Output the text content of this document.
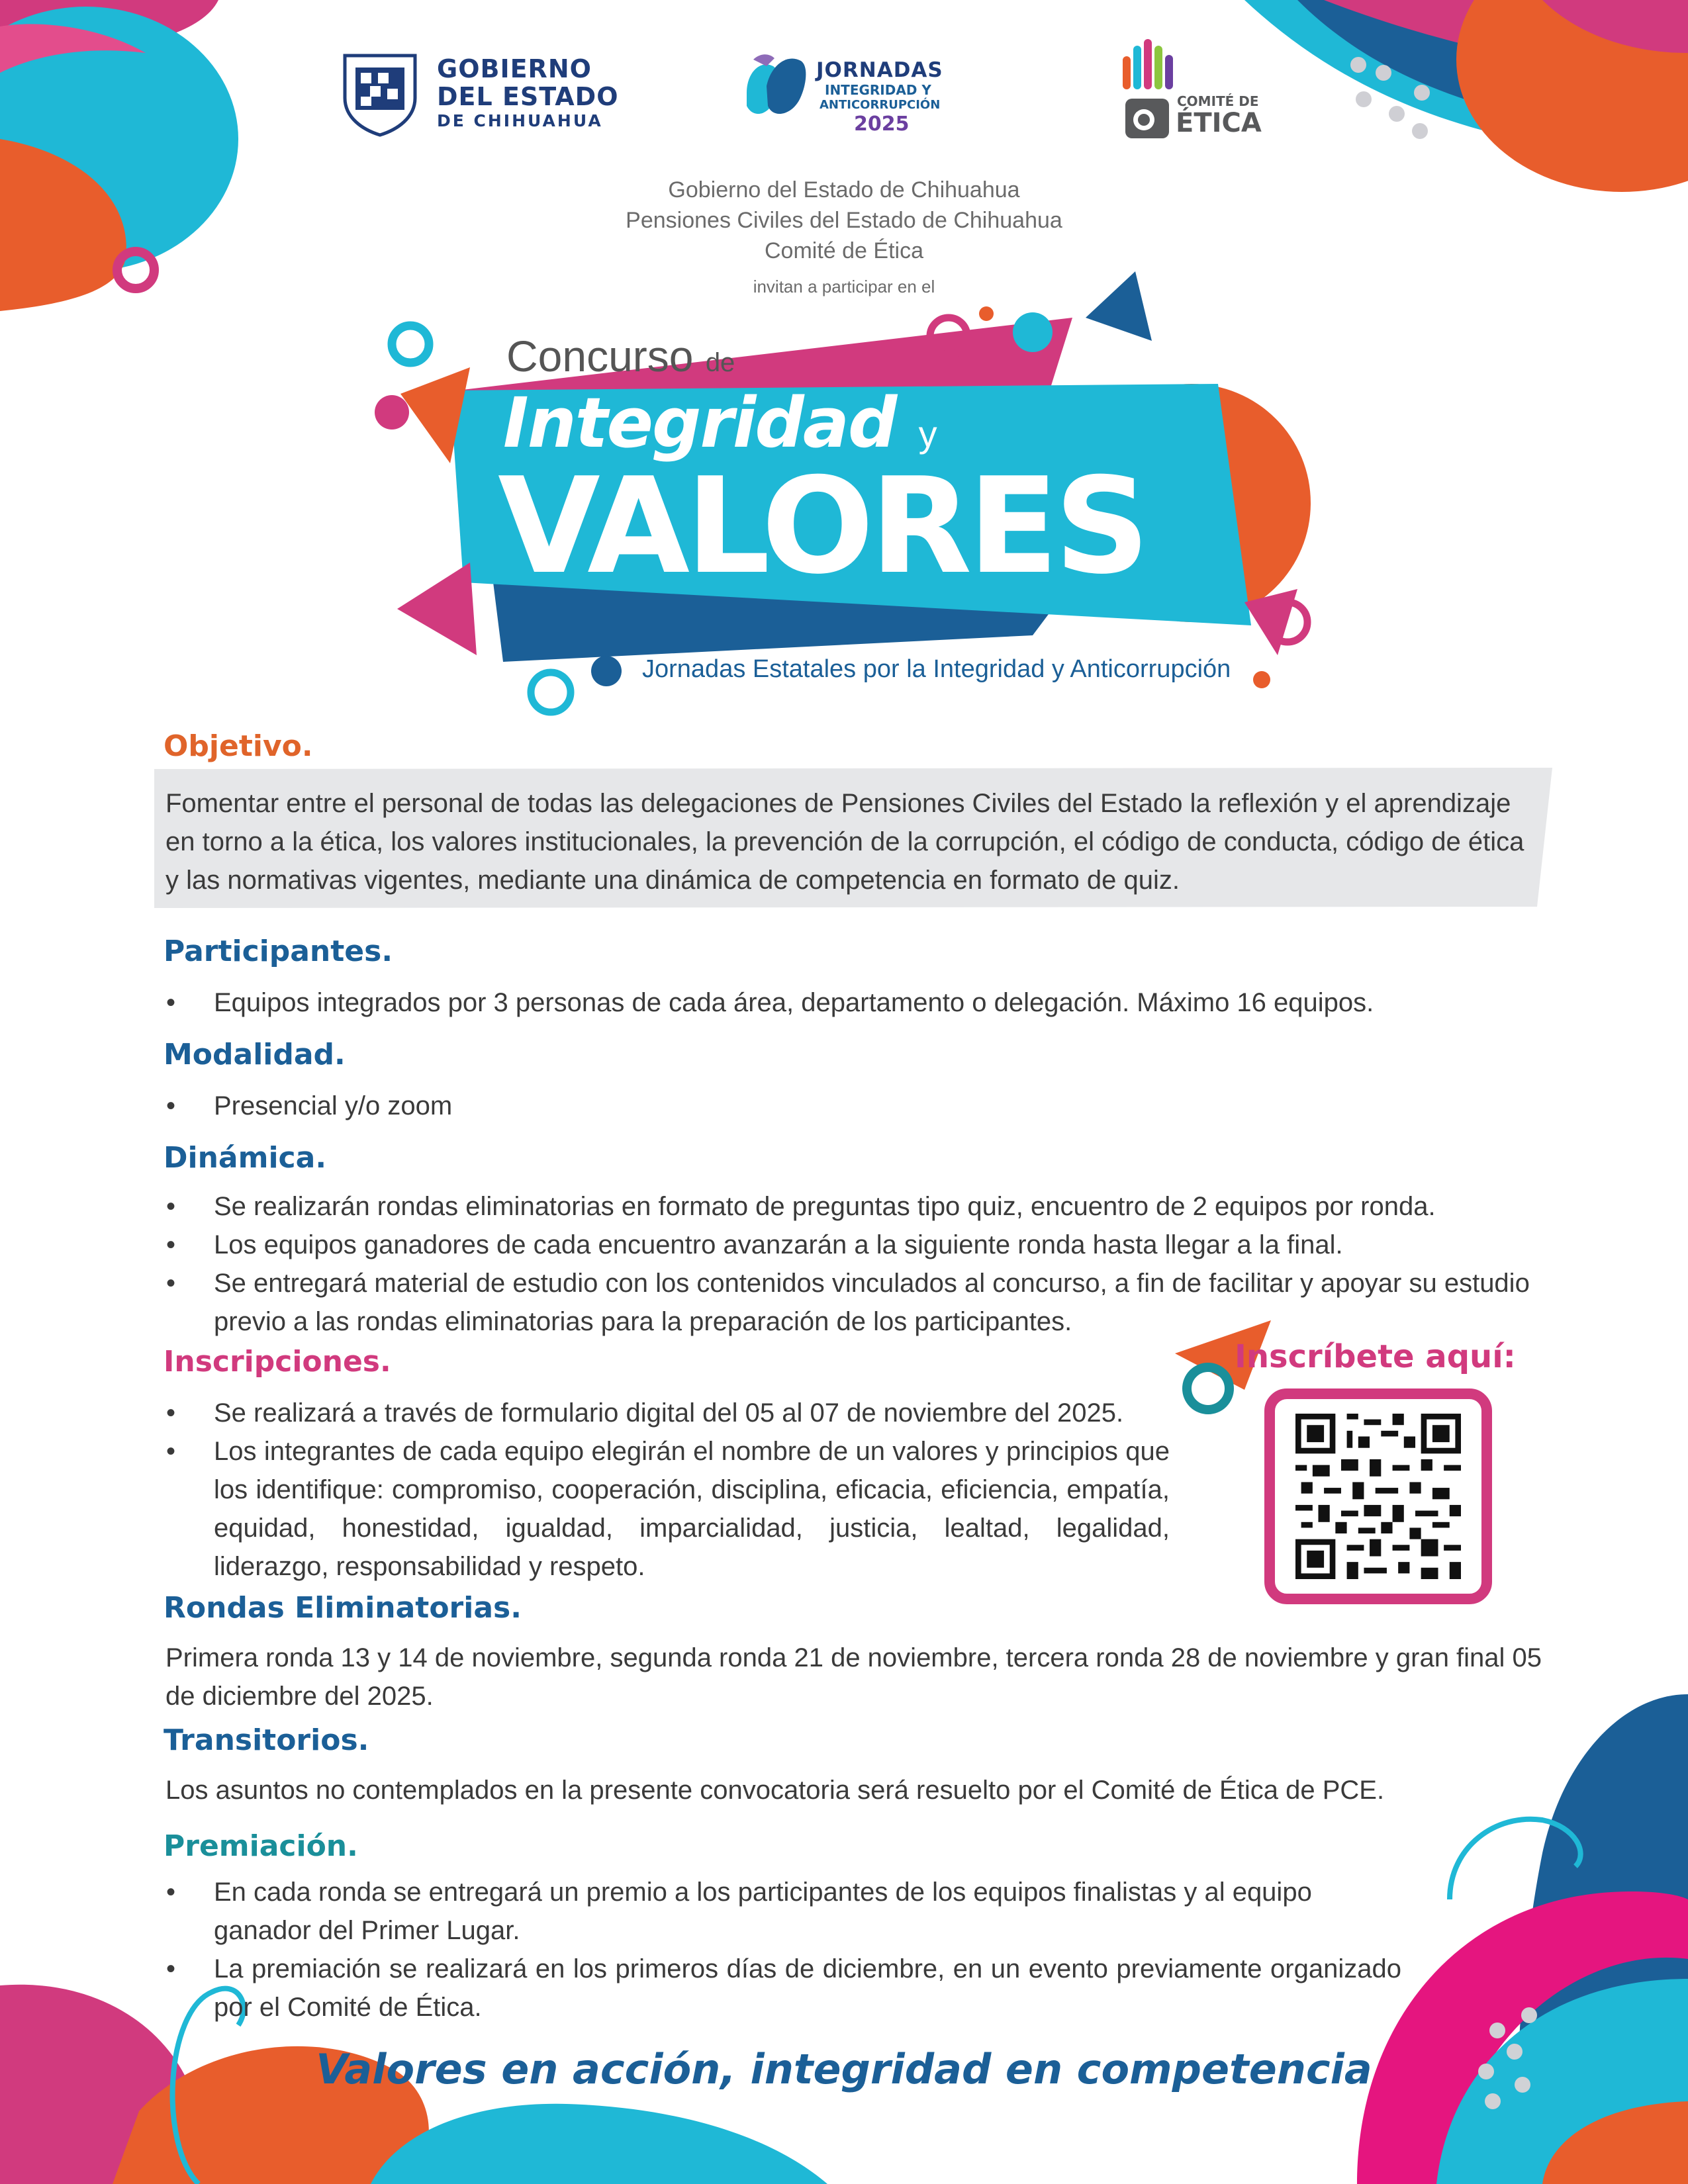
GOBIERNO
DEL ESTADO
DE CHIHUAHUA
JORNADAS
INTEGRIDAD Y
ANTICORRUPCIÓN
2025
COMITÉ DE
ÉTICA
Gobierno del Estado de Chihuahua
Pensiones Civiles del Estado de Chihuahua
Comité de Ética
invitan a participar en el
Concurso de
Integridad y
VALORES
Jornadas Estatales por la Integridad y Anticorrupción
Objetivo.
Fomentar entre el personal de todas las delegaciones de Pensiones Civiles del Estado la reflexión y el aprendizaje en torno a la ética, los valores institucionales, la prevención de la corrupción, el código de conducta, código de ética y las normativas vigentes, mediante una dinámica de competencia en formato de quiz.
Participantes.
• Equipos integrados por 3 personas de cada área, departamento o delegación. Máximo 16 equipos.
Modalidad.
• Presencial y/o zoom
Dinámica.
• Se realizarán rondas eliminatorias en formato de preguntas tipo quiz, encuentro de 2 equipos por ronda.
• Los equipos ganadores de cada encuentro avanzarán a la siguiente ronda hasta llegar a la final.
• Se entregará material de estudio con los contenidos vinculados al concurso, a fin de facilitar y apoyar su estudio previo a las rondas eliminatorias para la preparación de los participantes.
Inscripciones.
• Se realizará a través de formulario digital del 05 al 07 de noviembre del 2025.
• Los integrantes de cada equipo elegirán el nombre de un valores y principios que los identifique: compromiso, cooperación, disciplina, eficacia, eficiencia, empatía, equidad, honestidad, igualdad, imparcialidad, justicia, lealtad, legalidad, liderazgo, responsabilidad y respeto.
Inscríbete aquí:
Rondas Eliminatorias.
Primera ronda 13 y 14 de noviembre, segunda ronda 21 de noviembre, tercera ronda 28 de noviembre y gran final 05 de diciembre del 2025.
Transitorios.
Los asuntos no contemplados en la presente convocatoria será resuelto por el Comité de Ética de PCE.
Premiación.
• En cada ronda se entregará un premio a los participantes de los equipos finalistas y al equipo ganador del Primer Lugar.
• La premiación se realizará en los primeros días de diciembre, en un evento previamente organizado por el Comité de Ética.
Valores en acción, integridad en competencia
